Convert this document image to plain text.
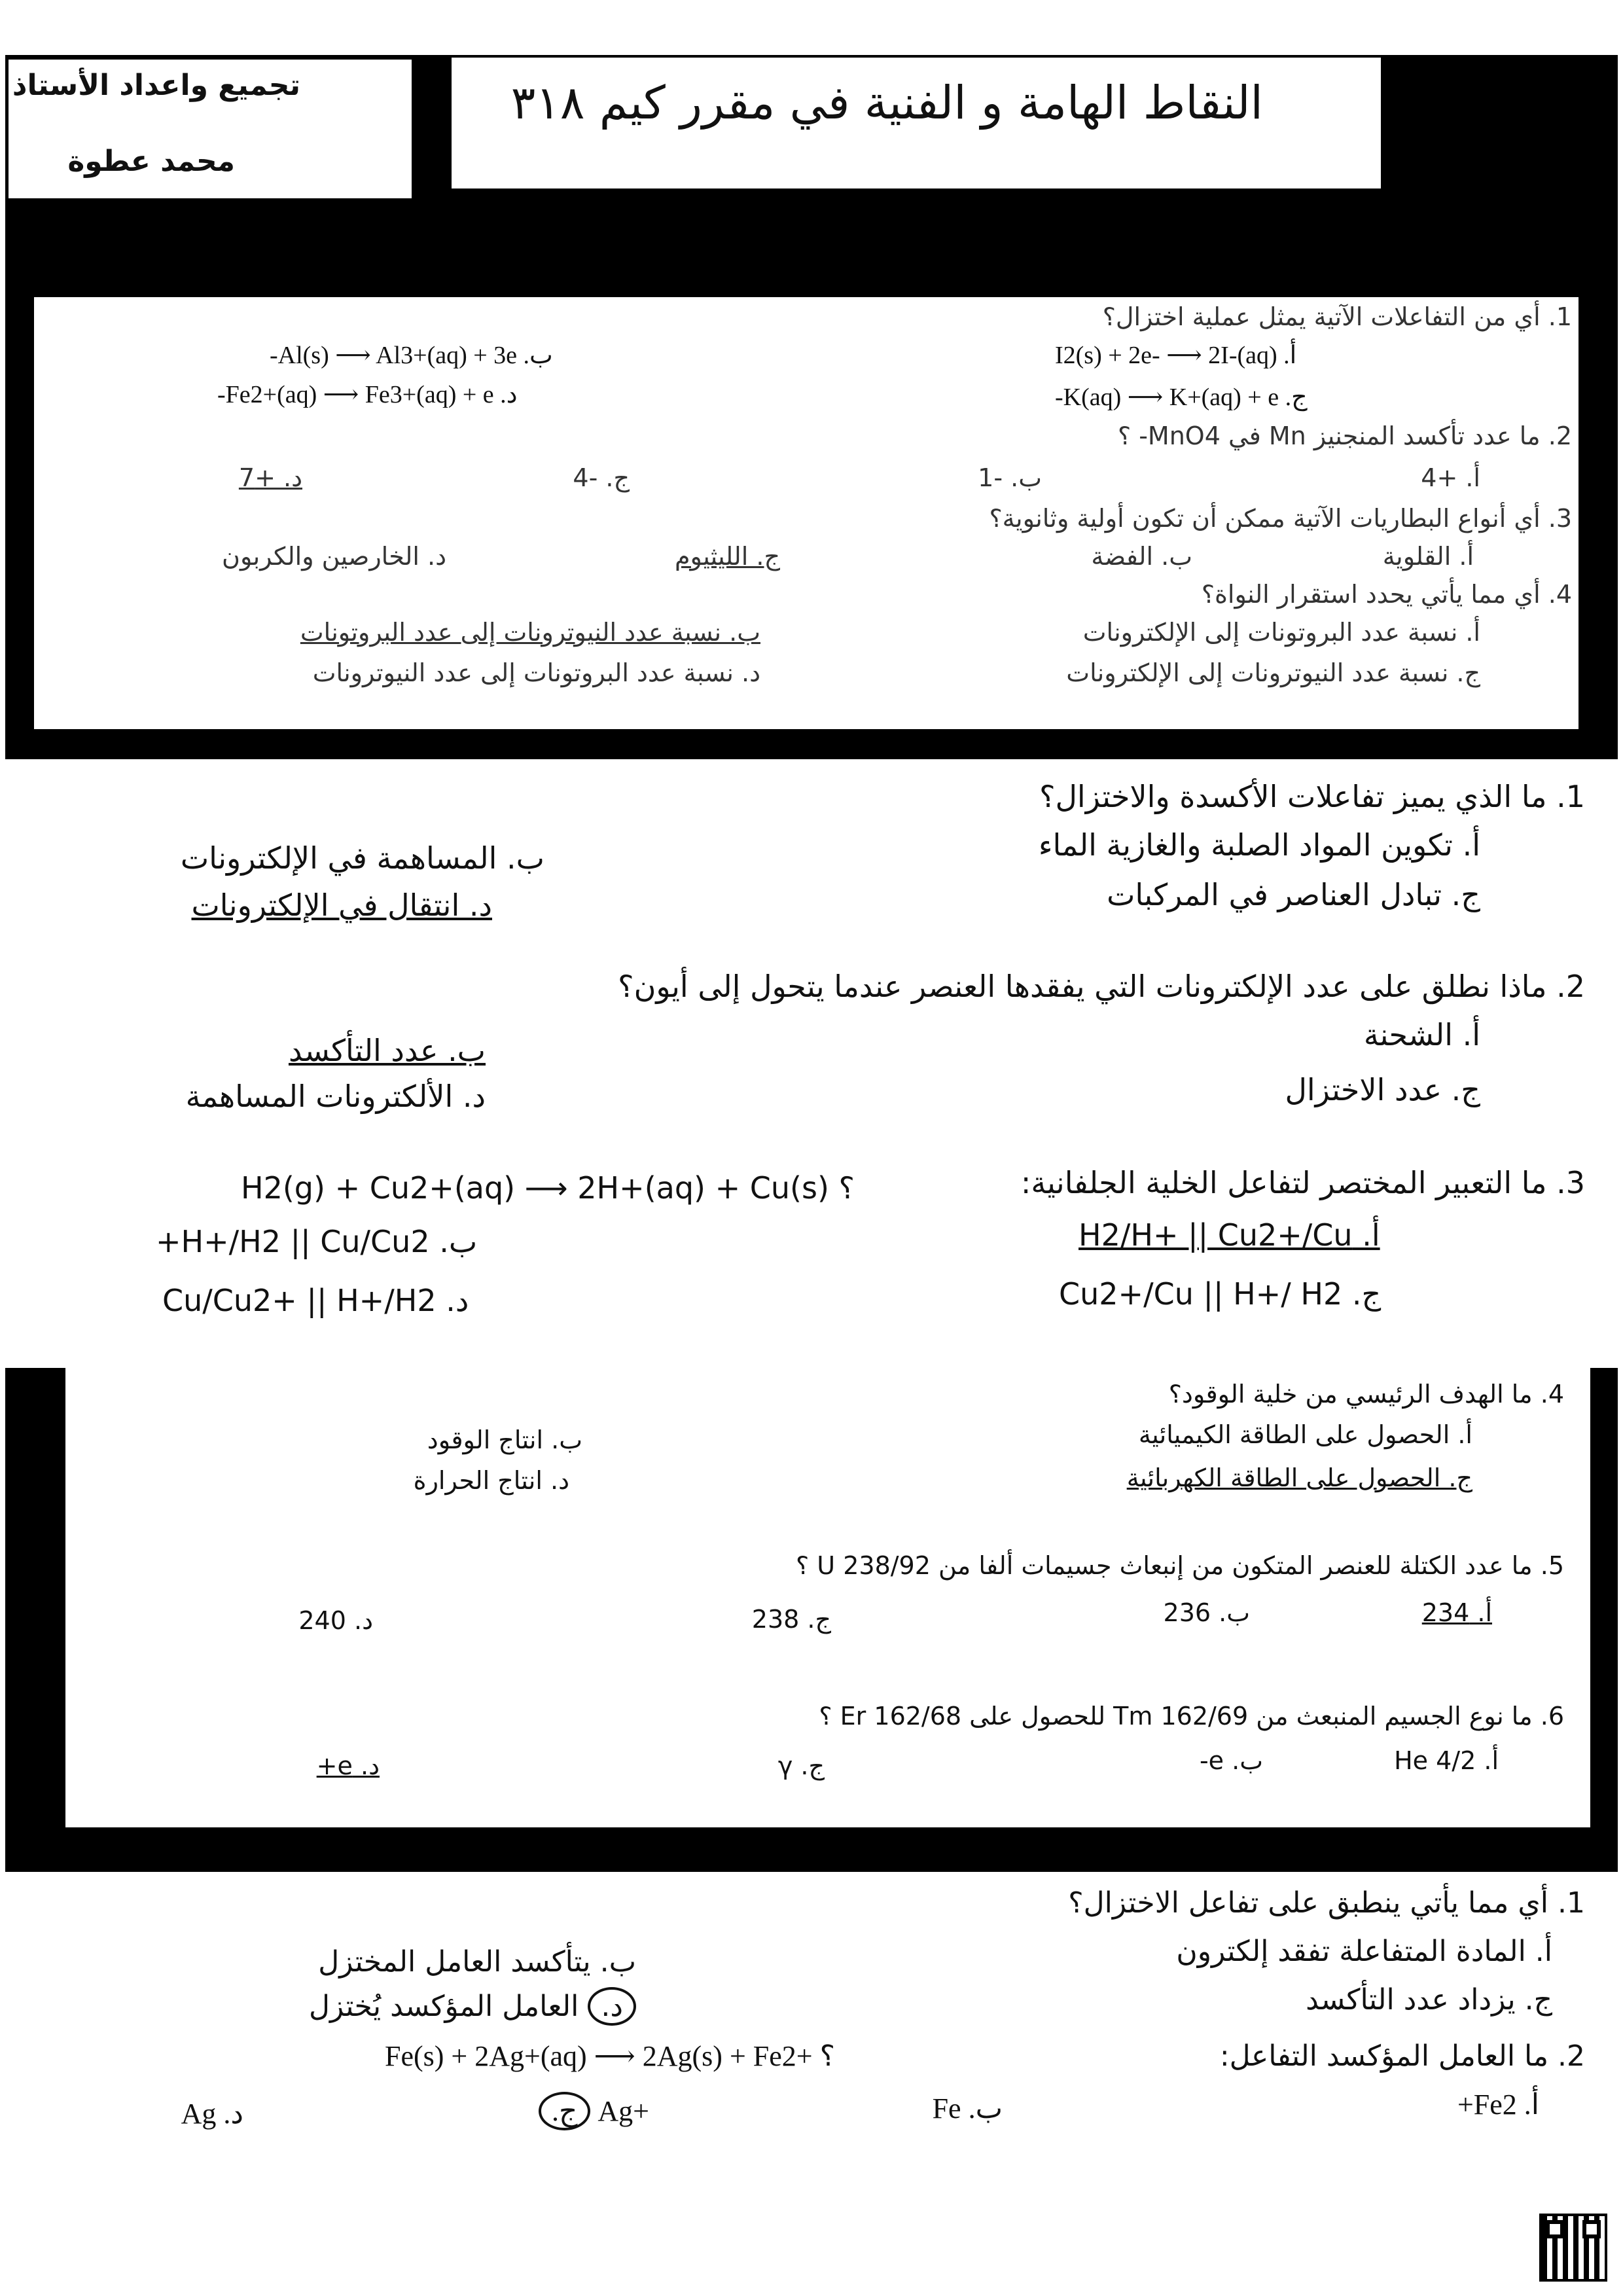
تجميع واعداد الأستاذ
محمد عطوة
النقاط الهامة و الفنية في مقرر كيم ٣١٨
1. أي من التفاعلات الآتية يمثل عملية اختزال؟
أ. I2(s) + 2e- ⟶ 2I-(aq)
ب. Al(s) ⟶ Al3+(aq) + 3e-
ج. K(aq) ⟶ K+(aq) + e-
د. Fe2+(aq) ⟶ Fe3+(aq) + e-
2. ما عدد تأكسد المنجنيز Mn في MnO4- ؟
أ. +4
ب. -1
ج. -4
د. +7
3. أي أنواع البطاريات الآتية ممكن أن تكون أولية وثانوية؟
أ. القلوية
ب. الفضة
ج. الليثيوم
د. الخارصين والكربون
4. أي مما يأتي يحدد استقرار النواة؟
أ. نسبة عدد البروتونات إلى الإلكترونات
ب. نسبة عدد النيوترونات إلى عدد البروتونات
ج. نسبة عدد النيوترونات إلى الإلكترونات
د. نسبة عدد البروتونات إلى عدد النيوترونات
1. ما الذي يميز تفاعلات الأكسدة والاختزال؟
أ. تكوين المواد الصلبة والغازية الماء
ب. المساهمة في الإلكترونات
ج. تبادل العناصر في المركبات
د. انتقال في الإلكترونات
2. ماذا نطلق على عدد الإلكترونات التي يفقدها العنصر عندما يتحول إلى أيون؟
أ. الشحنة
ب. عدد التأكسد
ج. عدد الاختزال
د. الألكترونات المساهمة
3. ما التعبير المختصر لتفاعل الخلية الجلفانية:
H2(g) + Cu2+(aq) ⟶ 2H+(aq) + Cu(s) ؟
أ. H2/H+ || Cu2+/Cu
ب. H+/H2 || Cu/Cu2+
ج. Cu2+/Cu || H+/ H2
د. Cu/Cu2+ || H+/H2
4. ما الهدف الرئيسي من خلية الوقود؟
أ. الحصول على الطاقة الكيميائية
ب. انتاج الوقود
ج. الحصول على الطاقة الكهربائية
د. انتاج الحرارة
5. ما عدد الكتلة للعنصر المتكون من إنبعاث جسيمات ألفا من 238/92 U ؟
أ. 234
ب. 236
ج. 238
د. 240
6. ما نوع الجسيم المنبعث من 162/69 Tm للحصول على 162/68 Er ؟
أ. 4/2 He
ب. e-
ج. γ
د. e+
1. أي مما يأتي ينطبق على تفاعل الاختزال؟
أ. المادة المتفاعلة تفقد إلكترون
ب. يتأكسد العامل المختزل
ج. يزداد عدد التأكسد
د. العامل المؤكسد يُختزل
2. ما العامل المؤكسد التفاعل:
Fe(s) + 2Ag+(aq) ⟶ 2Ag(s) + Fe2+ ؟
أ. Fe2+
ب. Fe
ج. Ag+
د. Ag
